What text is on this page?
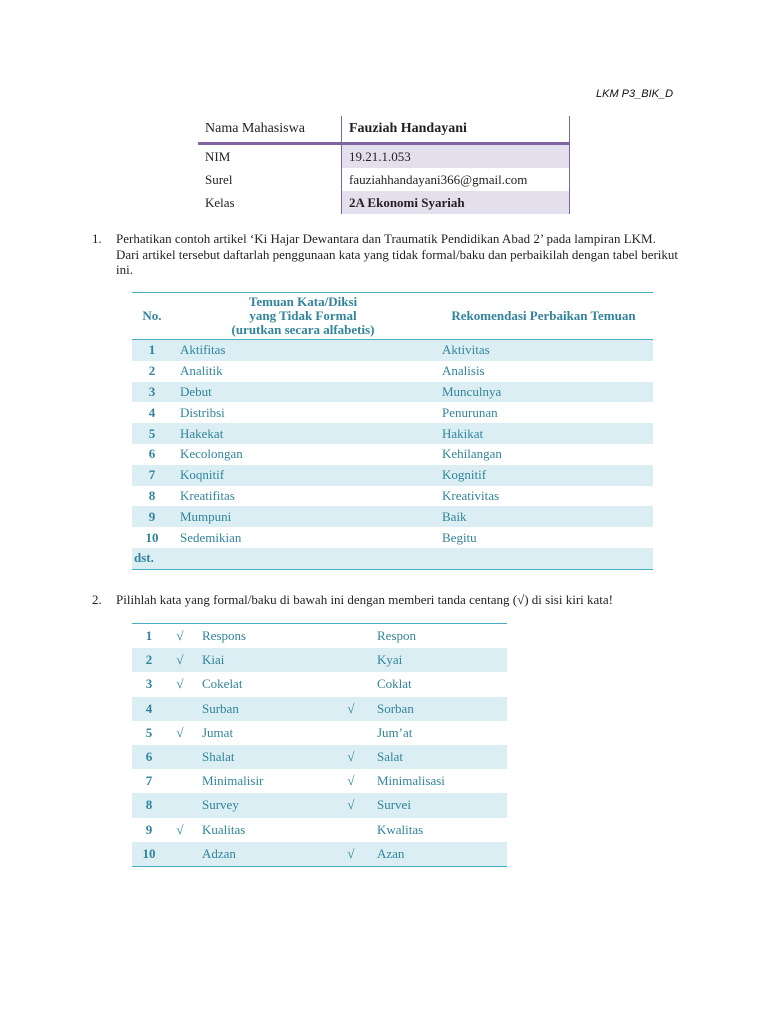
LKM P3_BIK_D
Nama Mahasiswa	Fauziah Handayani
NIM	19.21.1.053
Surel	fauziahhandayani366@gmail.com
Kelas	2A Ekonomi Syariah
1. Perhatikan contoh artikel ‘Ki Hajar Dewantara dan Traumatik Pendidikan Abad 2’ pada lampiran LKM. Dari artikel tersebut daftarlah penggunaan kata yang tidak formal/baku dan perbaikilah dengan tabel berikut ini.
No.	Temuan Kata/Diksi
yang Tidak Formal
(urutkan secara alfabetis)	Rekomendasi Perbaikan Temuan
1	Aktifitas	Aktivitas
2	Analitik	Analisis
3	Debut	Munculnya
4	Distribsi	Penurunan
5	Hakekat	Hakikat
6	Kecolongan	Kehilangan
7	Koqnitif	Kognitif
8	Kreatifitas	Kreativitas
9	Mumpuni	Baik
10	Sedemikian	Begitu
dst.		
2. Pilihlah kata yang formal/baku di bawah ini dengan memberi tanda centang (√) di sisi kiri kata!
1	√	Respons		Respon
2	√	Kiai		Kyai
3	√	Cokelat		Coklat
4		Surban	√	Sorban
5	√	Jumat		Jum’at
6		Shalat	√	Salat
7		Minimalisir	√	Minimalisasi
8		Survey	√	Survei
9	√	Kualitas		Kwalitas
10		Adzan	√	Azan
